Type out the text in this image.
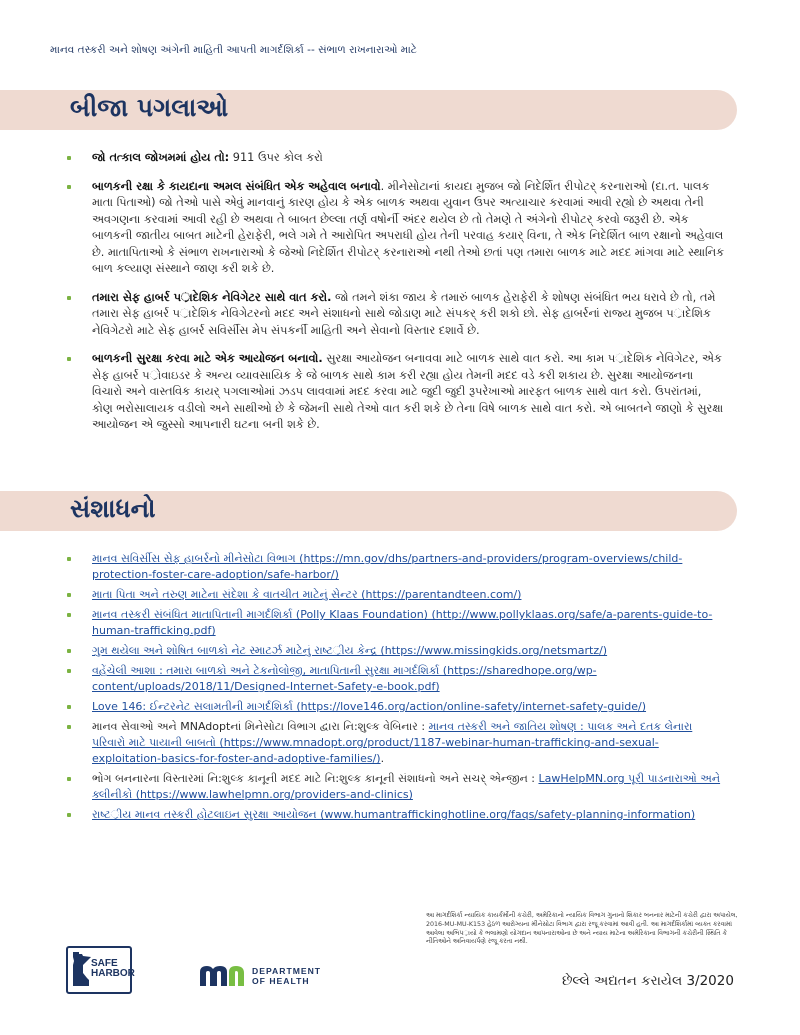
માનવ તસ્કરી અને શોષણ અંગેની માહિતી આપતી માગર્દશિર્કા -- સંભાળ રાખનારાઓ માટે
બીજા પગલાઓ
જો તત્કાલ જોખમમાં હોય તો: 911 ઉપર કોલ કરો
બાળકની રક્ષા કે કાયદાના અમલ સંબંધિત એક અહેવાલ બનાવો. મીનેસોટાનાં કાયદા મુજબ જો નિદેર્શિત રીપોટર્ કરનારાઓ (દા.ત. પાલક માતા પિતાઓ) જો તેઓ પાસે એવું માનવાનું કારણ હોય કે એક બાળક અથવા યુવાન ઉપર અત્યાચાર કરવામાં આવી રહ્યો છે અથવા તેની અવગણના કરવામાં આવી રહી છે અથવા તે બાબત છેલ્લા તર્ણ વષોર્ની અંદર થયેલ છે તો તેમણે તે અંગેનો રીપોટર્ કરવો જરૂરી છે. એક બાળકની જાતીય બાબત માટેની હેરાફેરી, ભલે ગમે તે આરોપિત અપરાધી હોય તેની પરવાહ કયાર્ વિના, તે એક નિદેર્શિત બાળ રક્ષાનો અહેવાલ છે. માતાપિતાઓ કે સંભાળ રાખનારાઓ કે જેઓ નિદેર્શિત રીપોટર્ કરનારાઓ નથી તેઓ છતાં પણ તમારા બાળક માટે મદદ માંગવા માટે સ્થાનિક બાળ કલ્યાણ સંસ્થાને જાણ કરી શકે છે.
તમારા સેફ હાબર્ર પર્ાદેશિક નેવિગેટર સાથે વાત કરો. જો તમને શંકા જાય કે તમારું બાળક હેરાફેરી કે શોષણ સંબંધિત ભય ધરાવે છે તો, તમે તમારા સેફ હાબર્ર પર્ાદેશિક નેવિગેટરનો મદદ અને સંશાધનો સાથે જોડાણ માટે સંપકર્ કરી શકો છો. સેફ હાબર્રનાં રાજ્ય મુજબ પર્ાદેશિક નેવિગેટરો માટે સેફ હાબર્ર સવિર્સીસ મેપ સંપકર્ની માહિતી અને સેવાનો વિસ્તાર દશાર્વે છે.
બાળકની સુરક્ષા કરવા માટે એક આયોજન બનાવો. સુરક્ષા આયોજન બનાવવા માટે બાળક સાથે વાત કરો. આ કામ પર્ાદેશિક નેવિગેટર, એક સેફ હાબર્ર પર્ોવાઇડર કે અન્ય વ્યાવસાયિક કે જે બાળક સાથે કામ કરી રહ્યા હોય તેમની મદદ વડે કરી શકાય છે. સુરક્ષા આયોજનના વિચારો અને વાસ્તવિક કાયર્ પગલાઓમાં ઝડપ લાવવામાં મદદ કરવા માટે જુદી જુદી રૂપરેખાઓ મારફત બાળક સાથે વાત કરો. ઉપરાંતમાં, કોણ ભરોસાલાયક વડીલો અને સાથીઓ છે કે જેમની સાથે તેઓ વાત કરી શકે છે તેના વિષે બાળક સાથે વાત કરો. એ બાબતને જાણો કે સુરક્ષા આયોજન એ જુસ્સો આપનારી ઘટના બની શકે છે.
સંશાધનો
માનવ સવિર્સીસ સેફ હાબર્રનો મીનેસોટા વિભાગ (https://mn.gov/dhs/partners-and-providers/program-overviews/child-protection-foster-care-adoption/safe-harbor/)
માતા પિતા અને તરુણ માટેના સંદેશા કે વાતચીત માટેનું સેન્ટર (https://parentandteen.com/)
માનવ તસ્કરી સંબંધિત માતાપિતાની માગર્દશિર્કા (Polly Klaas Foundation) (http://www.pollyklaas.org/safe/a-parents-guide-to-human-trafficking.pdf)
ગુમ થયેલા અને શોષિત બાળકો નેટ સ્માટર્ઝ માટેનું રાષ્ટર્ીય કેન્દ્ર (https://www.missingkids.org/netsmartz/)
વહેંચેલી આશા : તમારા બાળકો અને ટેકનોલોજી, માતાપિતાની સુરક્ષા માગર્દશિર્કા (https://sharedhope.org/wp-content/uploads/2018/11/Designed-Internet-Safety-e-book.pdf)
Love 146: ઈન્ટરનેટ સલામતીની માગર્દશિર્કા (https://love146.org/action/online-safety/internet-safety-guide/)
માનવ સેવાઓ અને MNAdoptનાં મિનેસોટા વિભાગ દ્વારા નિ:શુલ્ક વેબિનાર : માનવ તસ્કરી અને જાતિય શોષણ : પાલક અને દતક લેનારા પરિવારો માટે પાયાની બાબતો (https://www.mnadopt.org/product/1187-webinar-human-trafficking-and-sexual-exploitation-basics-for-foster-and-adoptive-families/).
ભોગ બનનારના વિસ્તારમાં નિ:શુલ્ક કાનૂની મદદ માટે નિ:શુલ્ક કાનૂની સંશાધનો અને સચર્ એન્જીન : LawHelpMN.org પૂરી પાડનારાઓ અને ક્લીનીકો (https://www.lawhelpmn.org/providers-and-clinics)
રાષ્ટર્ીય માનવ તસ્કરી હોટલાઇન સુરક્ષા આયોજન (www.humantraffickinghotline.org/faqs/safety-planning-information)
આ માગર્દશિર્કા ન્યાયિક કાયર્કર્મોની કચેરી, અમેરિકાનો ન્યાયિક વિભાગ ગુનાનો શિકાર બનનાર માટેની કચેરી દ્વારા અપાયેલ, 2016-MU-MU-K153 હેઠળ આરોગ્યના મીનેસોટા વિભાગ દ્વારા રજૂ કરવામાં આવી હતી. આ માગર્દશિર્કામાં વ્યક્ત કરવામાં આવેલા અભિપર્ાયો કે ભલામણો યોગદાન આપનારાઓના છે અને ન્યાય માટેના અમેરિકાના વિભાગની કચેરીની સ્થિતિ કે નીતિઓને અનિવાયર્પણે રજૂ કરતા નથી.
છેલ્લે અદ્યતન કરાયેલ 3/2020
SAFE
HARBOR	DEPARTMENT
OF HEALTH
